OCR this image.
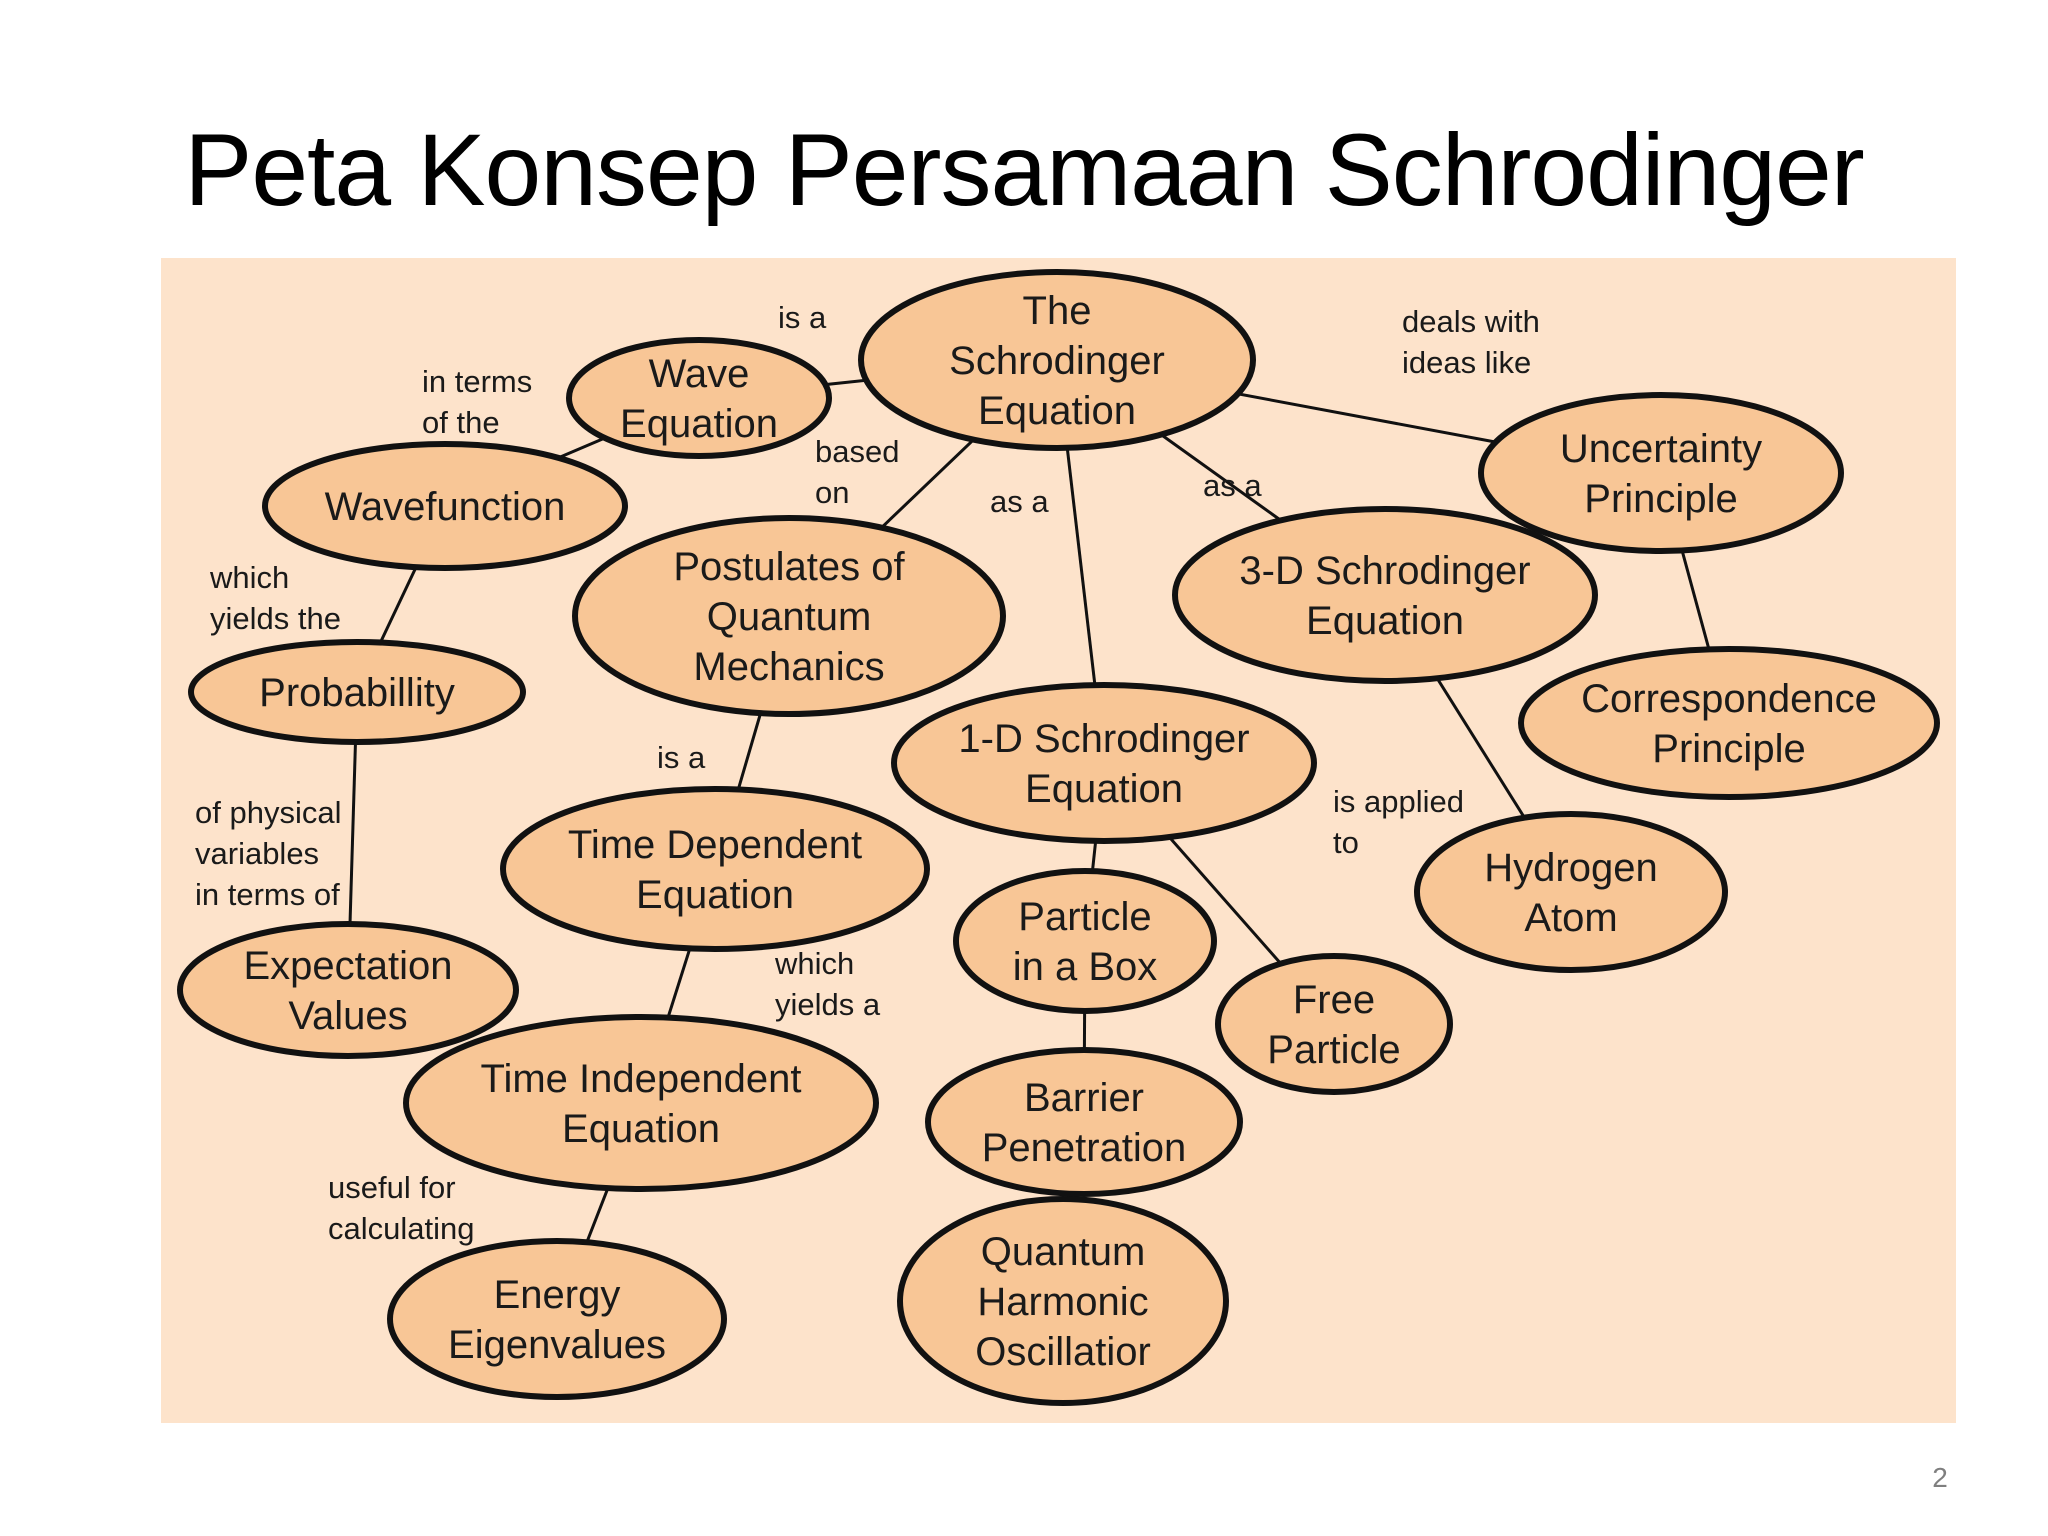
Peta Konsep Persamaan Schrodinger
The
Schrodinger
Equation
Wave
Equation
Wavefunction
Probabillity
Expectation
Values
Postulates of
Quantum
Mechanics
Time Dependent
Equation
Time Independent
Equation
Energy
Eigenvalues
1-D Schrodinger
Equation
Particle
in a Box
Barrier
Penetration
Quantum
Harmonic
Oscillatior
Free
Particle
3-D Schrodinger
Equation
Hydrogen
Atom
Uncertainty
Principle
Correspondence
Principle
is a
in terms
of the
which
yields the
of physical
variables
in terms of
based
on
is a
which
yields a
useful for
calculating
as a	as a
is applied
to
deals with
ideas like
2
